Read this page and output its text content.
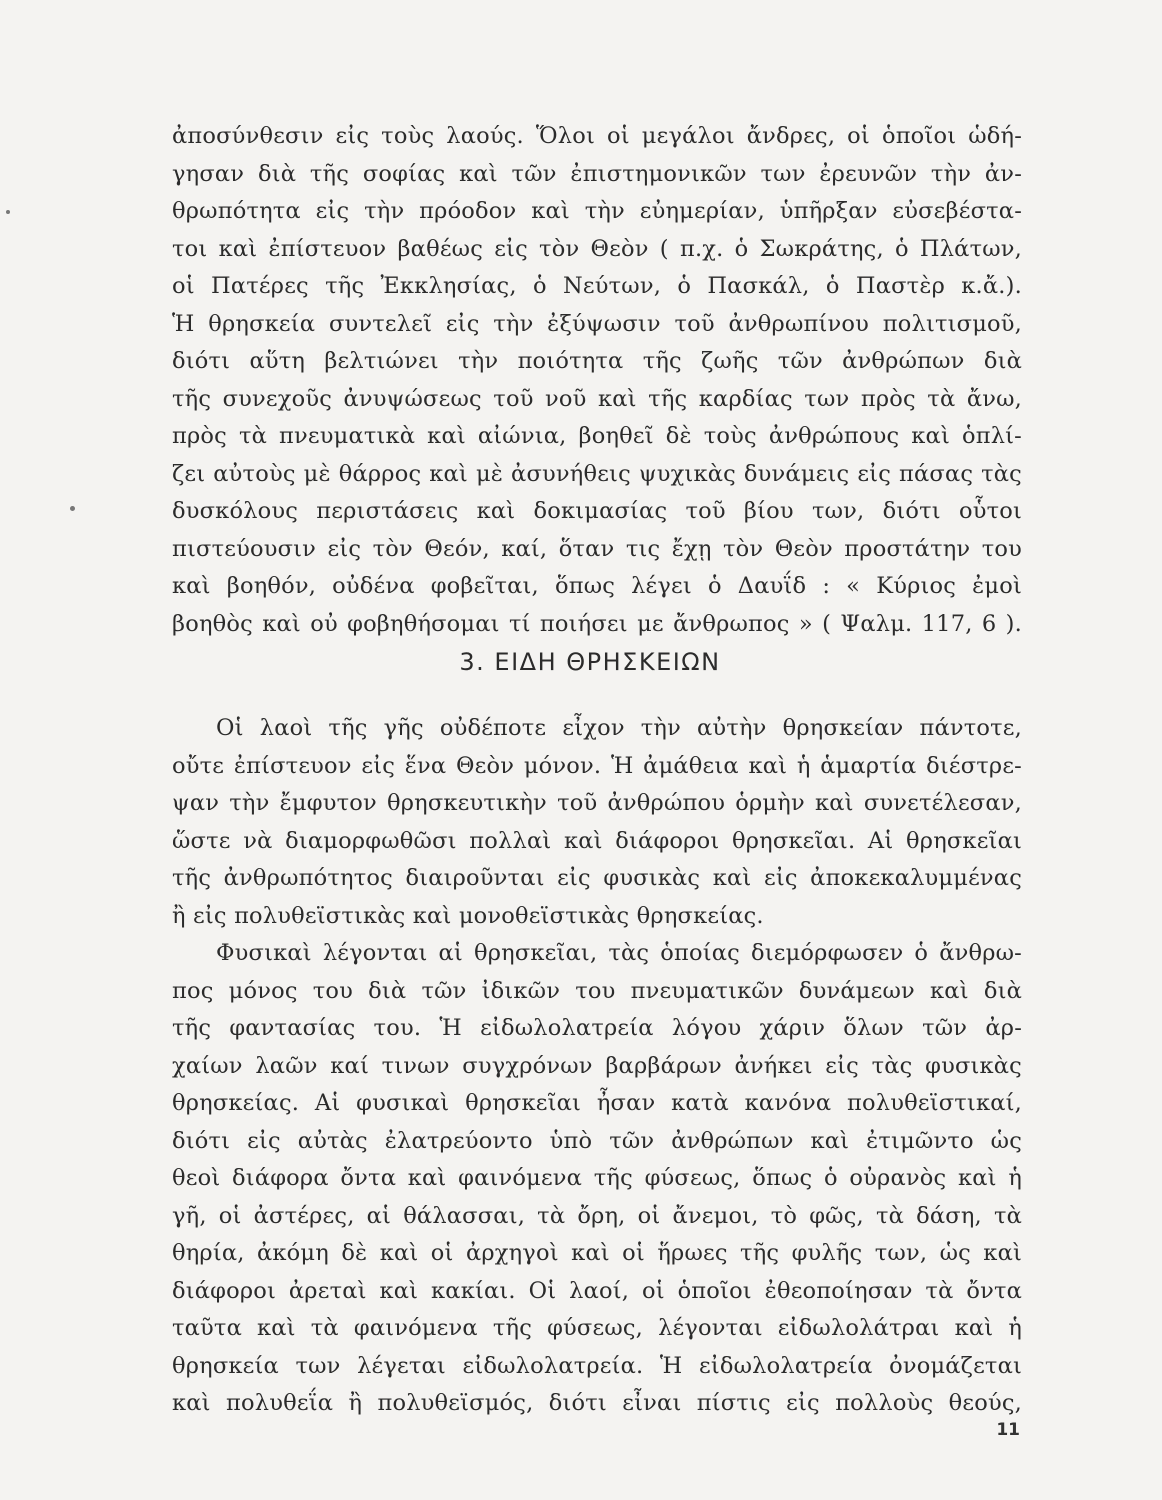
ἀποσύνθεσιν εἰς τοὺς λαούς. Ὅλοι οἱ μεγάλοι ἄνδρες, οἱ ὁποῖοι ὡδή-
γησαν διὰ τῆς σοφίας καὶ τῶν ἐπιστημονικῶν των ἐρευνῶν τὴν ἀν-
θρωπότητα εἰς τὴν πρόοδον καὶ τὴν εὐημερίαν, ὑπῆρξαν εὐσεβέστα-
τοι καὶ ἐπίστευον βαθέως εἰς τὸν Θεὸν ( π.χ. ὁ Σωκράτης, ὁ Πλάτων,
οἱ Πατέρες τῆς Ἐκκλησίας, ὁ Νεύτων, ὁ Πασκάλ, ὁ Παστὲρ κ.ἄ.).
Ἡ θρησκεία συντελεῖ εἰς τὴν ἐξύψωσιν τοῦ ἀνθρωπίνου πολιτισμοῦ,
διότι αὕτη βελτιώνει τὴν ποιότητα τῆς ζωῆς τῶν ἀνθρώπων διὰ
τῆς συνεχοῦς ἀνυψώσεως τοῦ νοῦ καὶ τῆς καρδίας των πρὸς τὰ ἄνω,
πρὸς τὰ πνευματικὰ καὶ αἰώνια, βοηθεῖ δὲ τοὺς ἀνθρώπους καὶ ὁπλί-
ζει αὐτοὺς μὲ θάρρος καὶ μὲ ἀσυνήθεις ψυχικὰς δυνάμεις εἰς πάσας τὰς
δυσκόλους περιστάσεις καὶ δοκιμασίας τοῦ βίου των, διότι οὗτοι
πιστεύουσιν εἰς τὸν Θεόν, καί, ὅταν τις ἔχῃ τὸν Θεὸν προστάτην του
καὶ βοηθόν, οὐδένα φοβεῖται, ὅπως λέγει ὁ Δαυΐδ : « Κύριος ἐμοὶ
βοηθὸς καὶ οὐ φοβηθήσομαι τί ποιήσει με ἄνθρωπος » ( Ψαλμ. 117, 6 ).
3. ΕΙΔΗ ΘΡΗΣΚΕΙΩΝ
Οἱ λαοὶ τῆς γῆς οὐδέποτε εἶχον τὴν αὐτὴν θρησκείαν πάντοτε,
οὔτε ἐπίστευον εἰς ἕνα Θεὸν μόνον. Ἡ ἀμάθεια καὶ ἡ ἁμαρτία διέστρε-
ψαν τὴν ἔμφυτον θρησκευτικὴν τοῦ ἀνθρώπου ὁρμὴν καὶ συνετέλεσαν,
ὥστε νὰ διαμορφωθῶσι πολλαὶ καὶ διάφοροι θρησκεῖαι. Αἱ θρησκεῖαι
τῆς ἀνθρωπότητος διαιροῦνται εἰς φυσικὰς καὶ εἰς ἀποκεκαλυμμένας
ἢ εἰς πολυθεϊστικὰς καὶ μονοθεϊστικὰς θρησκείας.
Φυσικαὶ λέγονται αἱ θρησκεῖαι, τὰς ὁποίας διεμόρφωσεν ὁ ἄνθρω-
πος μόνος του διὰ τῶν ἰδικῶν του πνευματικῶν δυνάμεων καὶ διὰ
τῆς φαντασίας του. Ἡ εἰδωλολατρεία λόγου χάριν ὅλων τῶν ἀρ-
χαίων λαῶν καί τινων συγχρόνων βαρβάρων ἀνήκει εἰς τὰς φυσικὰς
θρησκείας. Αἱ φυσικαὶ θρησκεῖαι ἦσαν κατὰ κανόνα πολυθεϊστικαί,
διότι εἰς αὐτὰς ἐλατρεύοντο ὑπὸ τῶν ἀνθρώπων καὶ ἐτιμῶντο ὡς
θεοὶ διάφορα ὄντα καὶ φαινόμενα τῆς φύσεως, ὅπως ὁ οὐρανὸς καὶ ἡ
γῆ, οἱ ἀστέρες, αἱ θάλασσαι, τὰ ὄρη, οἱ ἄνεμοι, τὸ φῶς, τὰ δάση, τὰ
θηρία, ἀκόμη δὲ καὶ οἱ ἀρχηγοὶ καὶ οἱ ἥρωες τῆς φυλῆς των, ὡς καὶ
διάφοροι ἀρεταὶ καὶ κακίαι. Οἱ λαοί, οἱ ὁποῖοι ἐθεοποίησαν τὰ ὄντα
ταῦτα καὶ τὰ φαινόμενα τῆς φύσεως, λέγονται εἰδωλολάτραι καὶ ἡ
θρησκεία των λέγεται εἰδωλολατρεία. Ἡ εἰδωλολατρεία ὀνομάζεται
καὶ πολυθεΐα ἢ πολυθεϊσμός, διότι εἶναι πίστις εἰς πολλοὺς θεούς,
11
